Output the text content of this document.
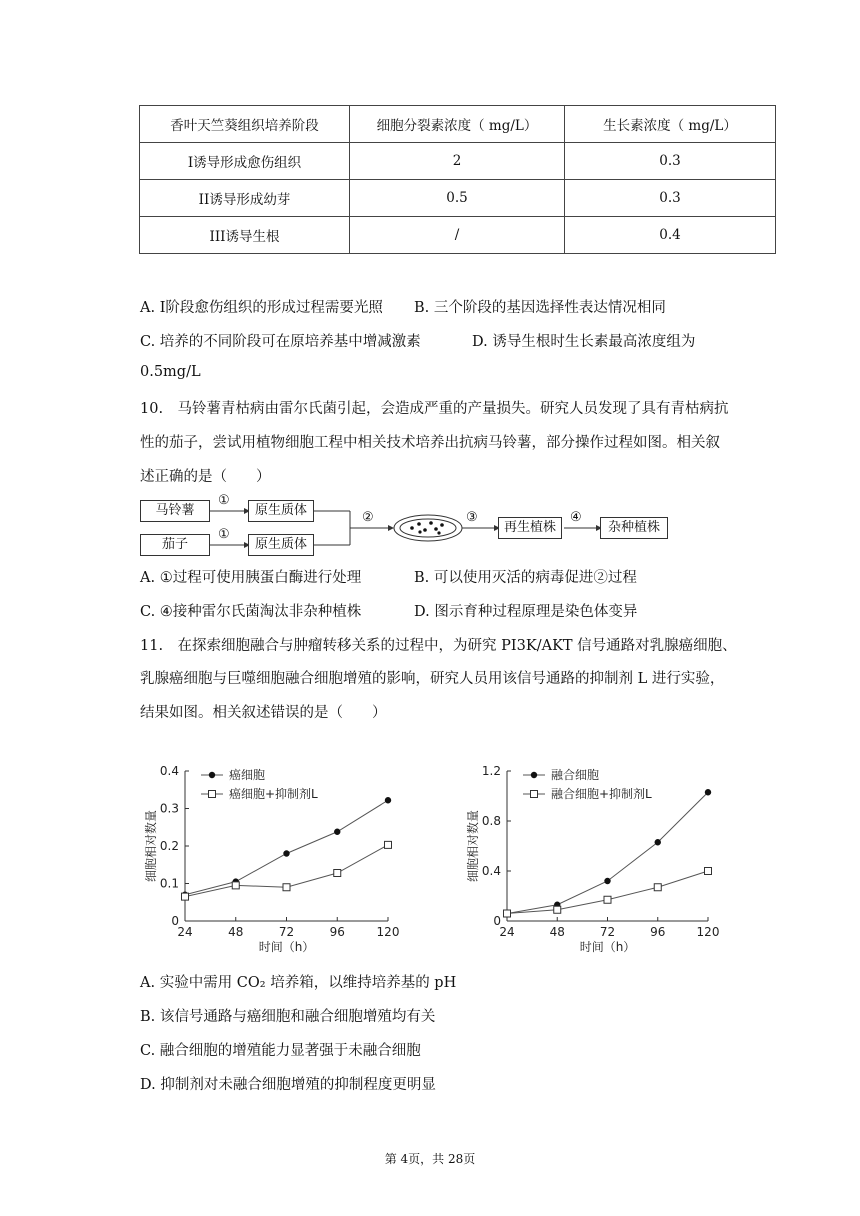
香叶天竺葵组织培养阶段	细胞分裂素浓度（ mg/L）	生长素浓度（ mg/L）
I诱导形成愈伤组织	2	0.3
II诱导形成幼芽	0.5	0.3
III诱导生根	/	0.4
A. I阶段愈伤组织的形成过程需要光照 B. 三个阶段的基因选择性表达情况相同
C. 培养的不同阶段可在原培养基中增减激素	D. 诱导生根时生长素最高浓度组为
0.5mg/L
10.　马铃薯青枯病由雷尔氏菌引起，会造成严重的产量损失。研究人员发现了具有青枯病抗
性的茄子，尝试用植物细胞工程中相关技术培养出抗病马铃薯，部分操作过程如图。相关叙
述正确的是（　　）
马铃薯
茄子
原生质体
原生质体
再生植株	杂种植株
①
①
②	③	④
A. ①过程可使用胰蛋白酶进行处理	B. 可以使用灭活的病毒促进②过程
C. ④接种雷尔氏菌淘汰非杂种植株	D. 图示育种过程原理是染色体变异
11.　在探索细胞融合与肿瘤转移关系的过程中，为研究 PI3K/AKT 信号通路对乳腺癌细胞、
乳腺癌细胞与巨噬细胞融合细胞增殖的影响，研究人员用该信号通路的抑制剂 L 进行实验，
结果如图。相关叙述错误的是（　　）
0
0.1
0.2
0.3
0.4
24	48	72	96	120
时间（h）
细胞相对数量
癌细胞
癌细胞+抑制剂L
0
0.4
0.8
1.2
24	48	72	96	120
时间（h）
细胞相对数量
融合细胞
融合细胞+抑制剂L
A. 实验中需用 CO₂ 培养箱，以维持培养基的 pH
B. 该信号通路与癌细胞和融合细胞增殖均有关
C. 融合细胞的增殖能力显著强于未融合细胞
D. 抑制剂对未融合细胞增殖的抑制程度更明显
第 4页，共 28页
